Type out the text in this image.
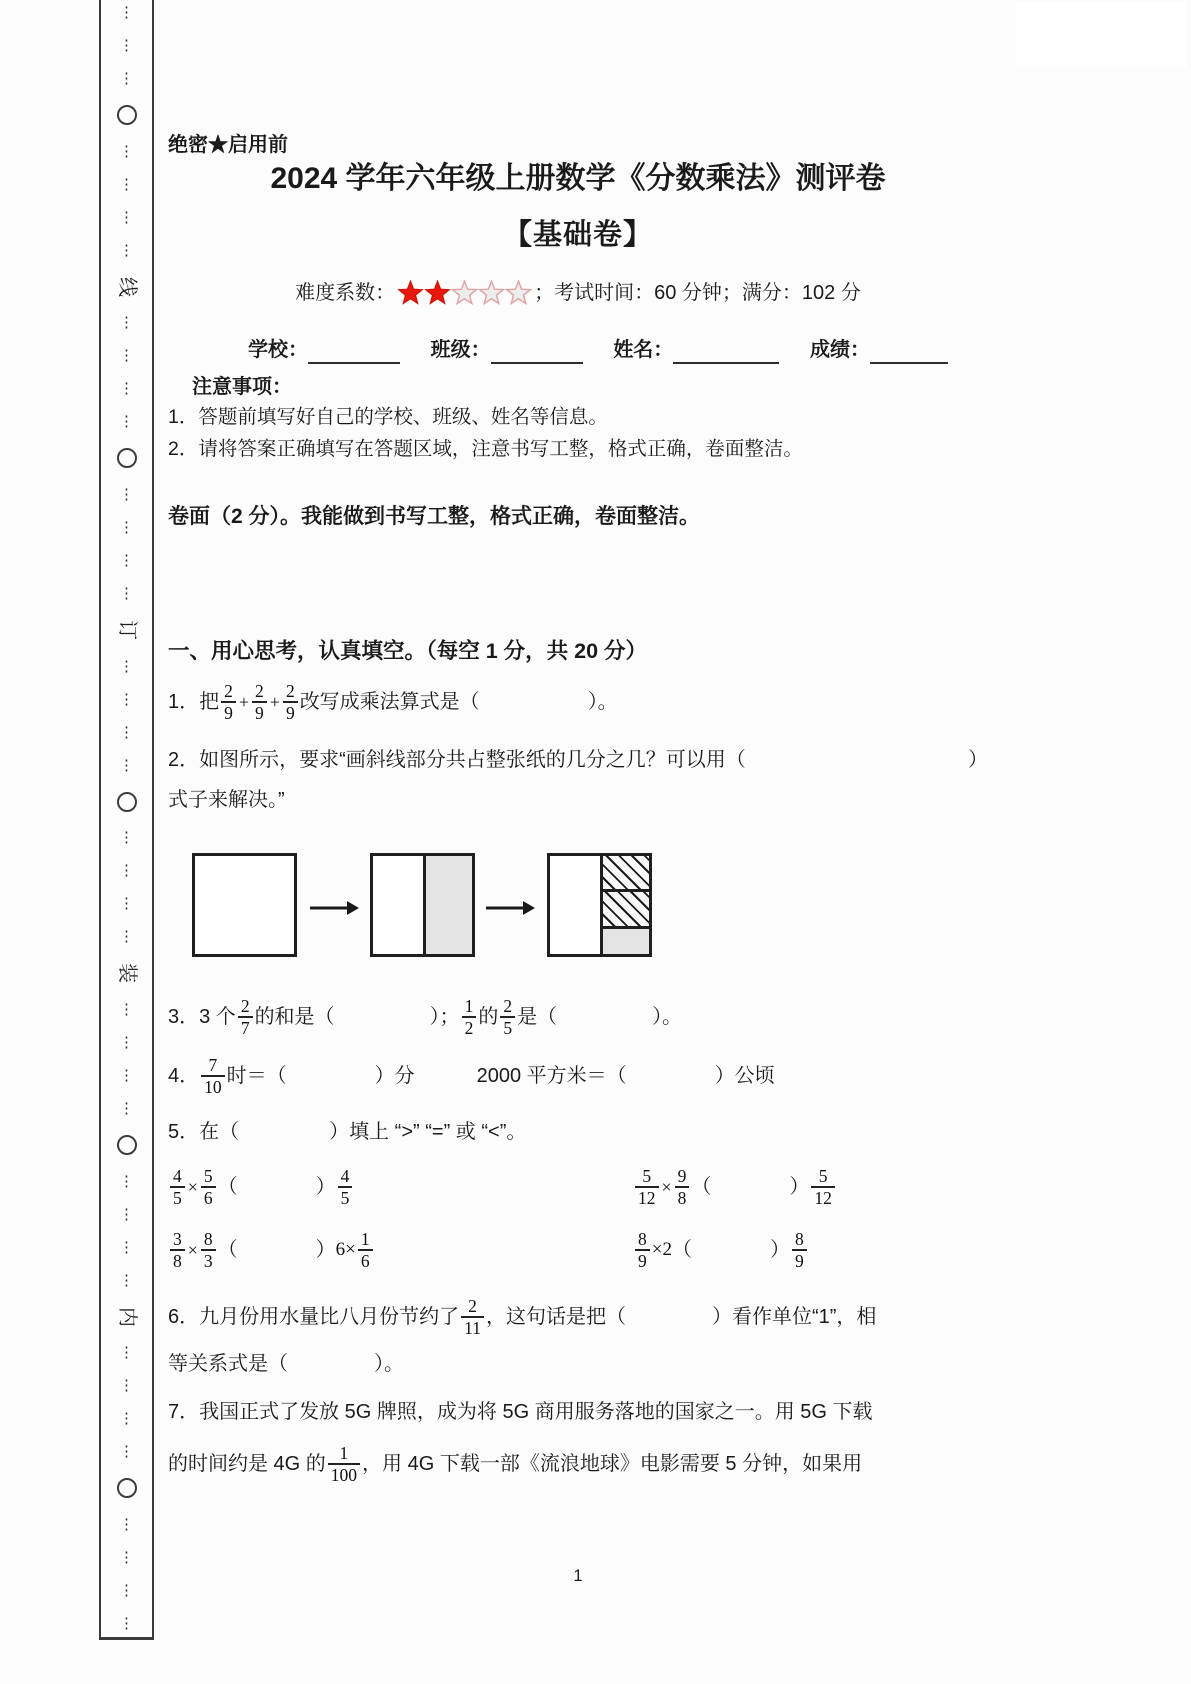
⋮
⋮
⋮
⋮
⋮
⋮
⋮
线
⋮
⋮
⋮
⋮
⋮
⋮
⋮
⋮
订
⋮
⋮
⋮
⋮
⋮
⋮
⋮
⋮
装
⋮
⋮
⋮
⋮
⋮
⋮
⋮
⋮
内
⋮
⋮
⋮
⋮
⋮
⋮
⋮
⋮
绝密★启用前
2024 学年六年级上册数学《分数乘法》测评卷
【基础卷】
难度系数：	；考试时间：60 分钟；满分：102 分
学校：	班级：	姓名：	成绩：
注意事项：
1．答题前填写好自己的学校、班级、姓名等信息。
2．请将答案正确填写在答题区域，注意书写工整，格式正确，卷面整洁。
卷面（2 分）。我能做到书写工整，格式正确，卷面整洁。
一、用心思考，认真填空。（每空 1 分，共 20 分）
1．把 $\frac{2}{9} + \frac{2}{9} + \frac{2}{9}$ 改写成乘法算式是（	）。
2．如图所示，要求“画斜线部分共占整张纸的几分之几？可以用（	）
式子来解决。”
3．3 个 $\frac{2}{7}$ 的和是（	）； $\frac{1}{2}$ 的 $\frac{2}{5}$ 是（	）。
4． $\frac{7}{10}$ 时＝（	）分	2000 平方米＝（	）公顷
5．在（	）填上 “>” “=” 或 “<”。
$\frac{4}{5} \times \frac{5}{6}$ （	） $\frac{4}{5}$	$\frac{5}{12} \times \frac{9}{8}$ （	） $\frac{5}{12}$
$\frac{3}{8} \times \frac{8}{3}$ （	） $6\times \frac{1}{6}$	$\frac{8}{9} \times 2$ （	） $\frac{8}{9}$
6．九月份用水量比八月份节约了 $\frac{2}{11}$ ，这句话是把（	）看作单位“1”，相
等关系式是（	）。
7．我国正式了发放 5G 牌照，成为将 5G 商用服务落地的国家之一。用 5G 下载
的时间约是 4G 的 $\frac{1}{100}$ ，用 4G 下载一部《流浪地球》电影需要 5 分钟，如果用
1
